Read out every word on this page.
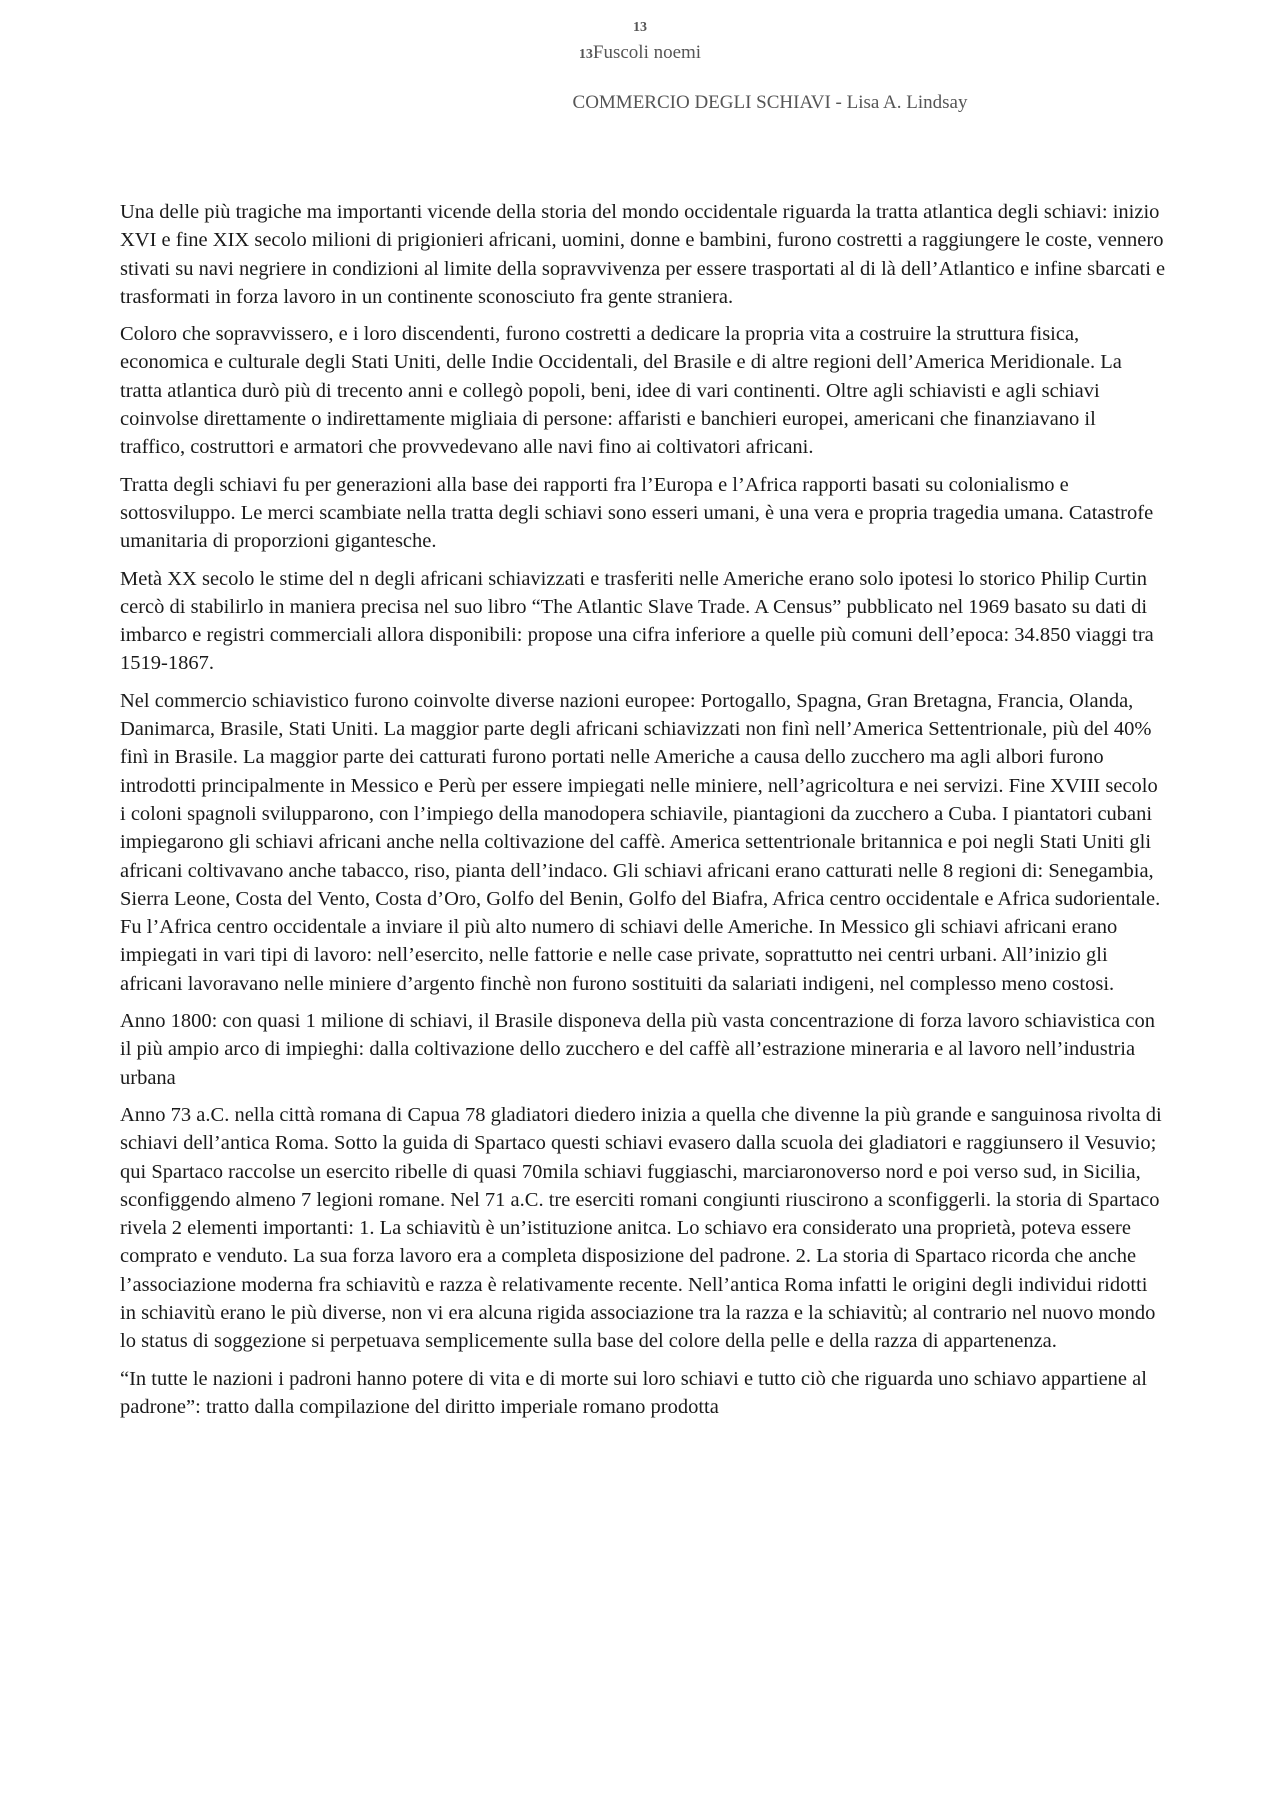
13
13Fuscoli noemi
COMMERCIO DEGLI SCHIAVI - Lisa A. Lindsay

Una delle più tragiche ma importanti vicende della storia del mondo occidentale riguarda la tratta atlantica degli schiavi: inizio XVI e fine XIX secolo milioni di prigionieri africani, uomini, donne e bambini, furono costretti a raggiungere le coste, vennero stivati su navi negriere in condizioni al limite della sopravvivenza per essere trasportati al di là dell’Atlantico e infine sbarcati e trasformati in forza lavoro in un continente sconosciuto fra gente straniera.

Coloro che sopravvissero, e i loro discendenti, furono costretti a dedicare la propria vita a costruire la struttura fisica, economica e culturale degli Stati Uniti, delle Indie Occidentali, del Brasile e di altre regioni dell’America Meridionale. La tratta atlantica durò più di trecento anni e collegò popoli, beni, idee di vari continenti. Oltre agli schiavisti e agli schiavi coinvolse direttamente o indirettamente migliaia di persone: affaristi e banchieri europei, americani che finanziavano il traffico, costruttori e armatori che provvedevano alle navi fino ai coltivatori africani.

Tratta degli schiavi fu per generazioni alla base dei rapporti fra l’Europa e l’Africa rapporti basati su colonialismo e sottosviluppo. Le merci scambiate nella tratta degli schiavi sono esseri umani, è una vera e propria tragedia umana. Catastrofe umanitaria di proporzioni gigantesche.

Metà XX secolo le stime del n degli africani schiavizzati e trasferiti nelle Americhe erano solo ipotesi lo storico Philip Curtin cercò di stabilirlo in maniera precisa nel suo libro “The Atlantic Slave Trade. A Census” pubblicato nel 1969 basato su dati di imbarco e registri commerciali allora disponibili: propose una cifra inferiore a quelle più comuni dell’epoca: 34.850 viaggi tra 1519-1867.

Nel commercio schiavistico furono coinvolte diverse nazioni europee: Portogallo, Spagna, Gran Bretagna, Francia, Olanda, Danimarca, Brasile, Stati Uniti. La maggior parte degli africani schiavizzati non finì nell’America Settentrionale, più del 40% finì in Brasile. La maggior parte dei catturati furono portati nelle Americhe a causa dello zucchero ma agli albori furono introdotti principalmente in Messico e Perù per essere impiegati nelle miniere, nell’agricoltura e nei servizi. Fine XVIII secolo i coloni spagnoli svilupparono, con l’impiego della manodopera schiavile, piantagioni da zucchero a Cuba. I piantatori cubani impiegarono gli schiavi africani anche nella coltivazione del caffè. America settentrionale britannica e poi negli Stati Uniti gli africani coltivavano anche tabacco, riso, pianta dell’indaco. Gli schiavi africani erano catturati nelle 8 regioni di: Senegambia, Sierra Leone, Costa del Vento, Costa d’Oro, Golfo del Benin, Golfo del Biafra, Africa centro occidentale e Africa sudorientale. Fu l’Africa centro occidentale a inviare il più alto numero di schiavi delle Americhe. In Messico gli schiavi africani erano impiegati in vari tipi di lavoro: nell’esercito, nelle fattorie e nelle case private, soprattutto nei centri urbani. All’inizio gli africani lavoravano nelle miniere d’argento finchè non furono sostituiti da salariati indigeni, nel complesso meno costosi.

Anno 1800: con quasi 1 milione di schiavi, il Brasile disponeva della più vasta concentrazione di forza lavoro schiavistica con il più ampio arco di impieghi: dalla coltivazione dello zucchero e del caffè all’estrazione mineraria e al lavoro nell’industria urbana

Anno 73 a.C. nella città romana di Capua 78 gladiatori diedero inizia a quella che divenne la più grande e sanguinosa rivolta di schiavi dell’antica Roma. Sotto la guida di Spartaco questi schiavi evasero dalla scuola dei gladiatori e raggiunsero il Vesuvio; qui Spartaco raccolse un esercito ribelle di quasi 70mila schiavi fuggiaschi, marciaronoverso nord e poi verso sud, in Sicilia, sconfiggendo almeno 7 legioni romane. Nel 71 a.C. tre eserciti romani congiunti riuscirono a sconfiggerli. la storia di Spartaco rivela 2 elementi importanti: 1. La schiavitù è un’istituzione anitca. Lo schiavo era considerato una proprietà, poteva essere comprato e venduto. La sua forza lavoro era a completa disposizione del padrone. 2. La storia di Spartaco ricorda che anche l’associazione moderna fra schiavitù e razza è relativamente recente. Nell’antica Roma infatti le origini degli individui ridotti in schiavitù erano le più diverse, non vi era alcuna rigida associazione tra la razza e la schiavitù; al contrario nel nuovo mondo lo status di soggezione si perpetuava semplicemente sulla base del colore della pelle e della razza di appartenenza.

“In tutte le nazioni i padroni hanno potere di vita e di morte sui loro schiavi e tutto ciò che riguarda uno schiavo appartiene al padrone”: tratto dalla compilazione del diritto imperiale romano prodotta
